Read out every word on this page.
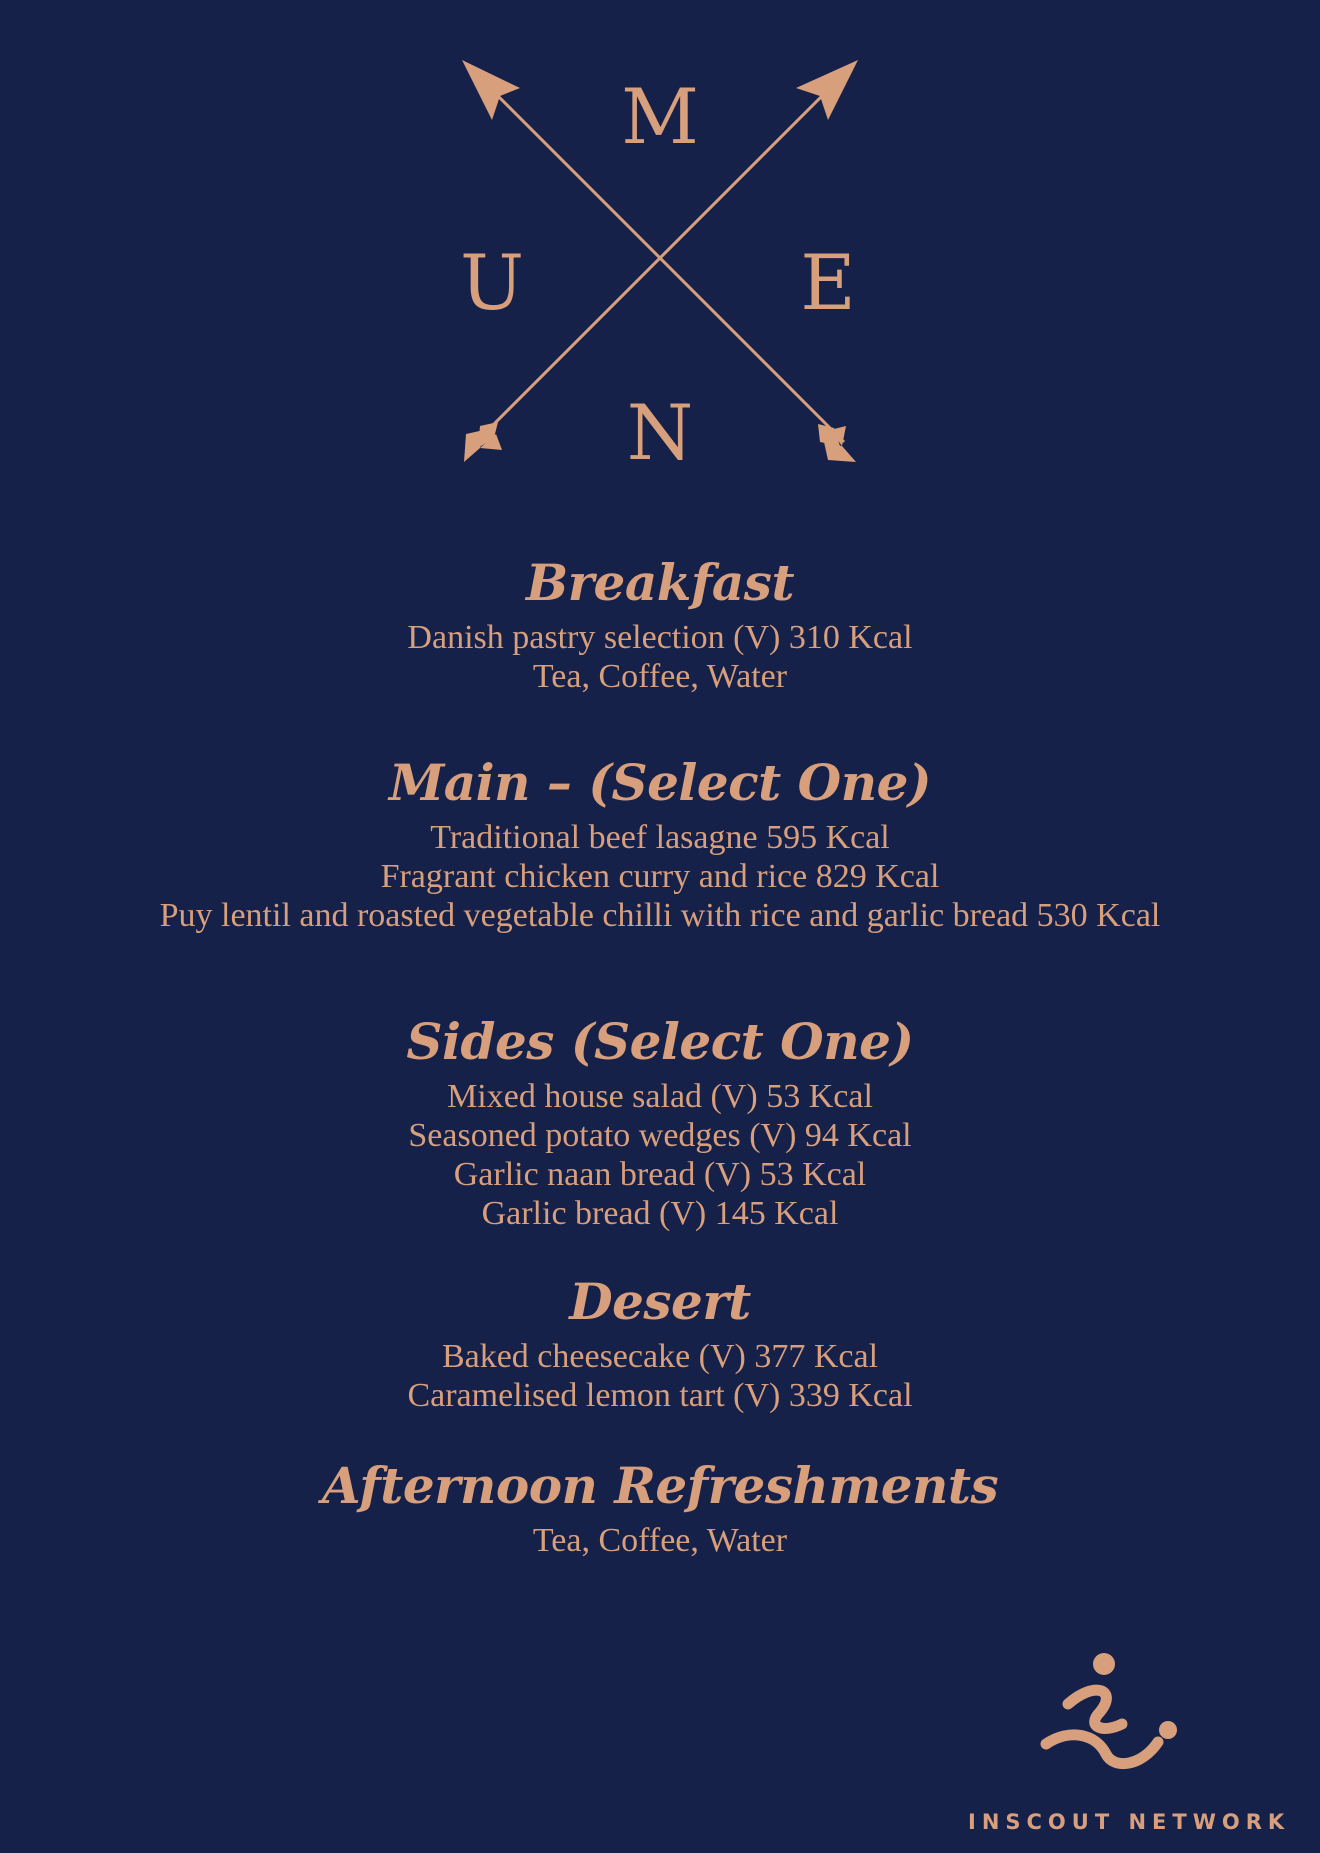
M
U	E
N
Breakfast

Danish pastry selection (V) 310 Kcal

Tea, Coffee, Water

Main – (Select One)

Traditional beef lasagne 595 Kcal

Fragrant chicken curry and rice 829 Kcal

Puy lentil and roasted vegetable chilli with rice and garlic bread 530 Kcal

Sides (Select One)

Mixed house salad (V) 53 Kcal

Seasoned potato wedges (V) 94 Kcal

Garlic naan bread (V) 53 Kcal

Garlic bread (V) 145 Kcal

Desert

Baked cheesecake (V) 377 Kcal

Caramelised lemon tart (V) 339 Kcal

Afternoon Refreshments

Tea, Coffee, Water

INSCOUT NETWORK
